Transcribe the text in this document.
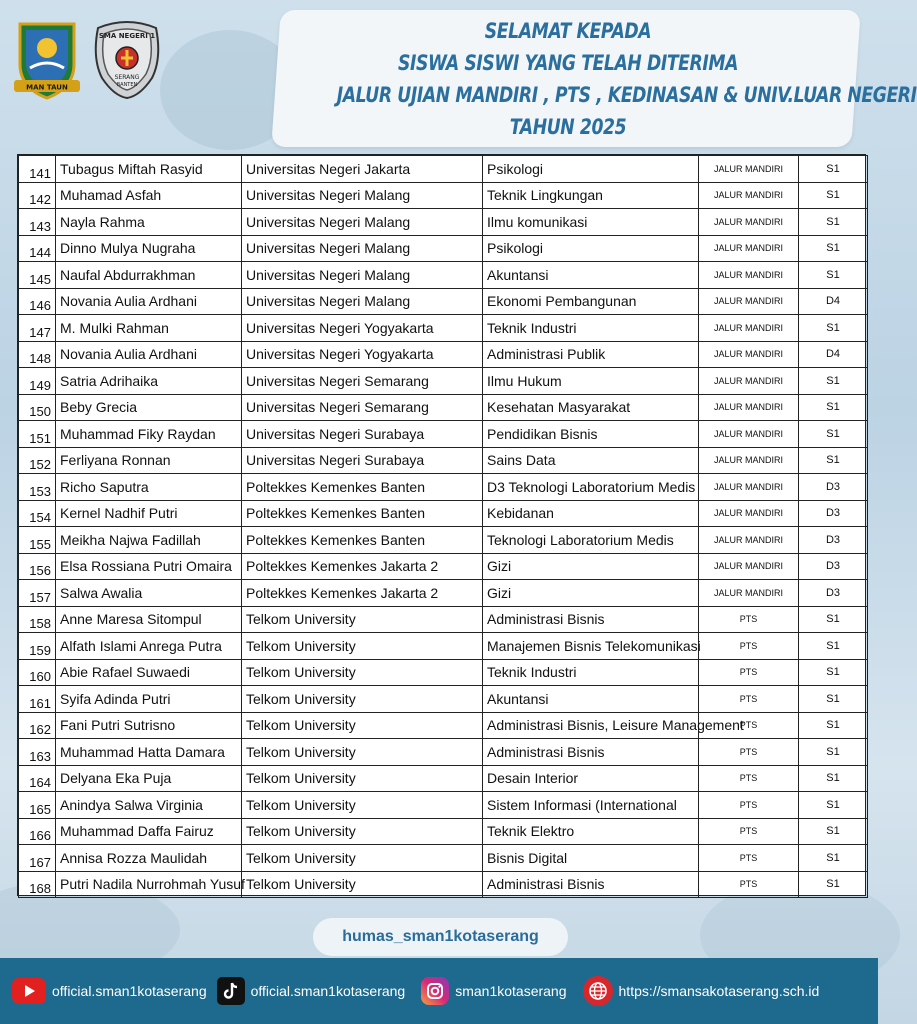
MAN TAUN
SMA NEGERI 1
SERANG
BANTEN
SELAMAT KEPADA
SISWA SISWI YANG TELAH DITERIMA
JALUR UJIAN MANDIRI , PTS , KEDINASAN & UNIV.LUAR NEGERI
TAHUN 2025
141	Tubagus Miftah Rasyid	Universitas Negeri Jakarta	Psikologi	JALUR MANDIRI	S1
142	Muhamad Asfah	Universitas Negeri Malang	Teknik Lingkungan	JALUR MANDIRI	S1
143	Nayla Rahma	Universitas Negeri Malang	Ilmu komunikasi	JALUR MANDIRI	S1
144	Dinno Mulya Nugraha	Universitas Negeri Malang	Psikologi	JALUR MANDIRI	S1
145	Naufal Abdurrakhman	Universitas Negeri Malang	Akuntansi	JALUR MANDIRI	S1
146	Novania Aulia Ardhani	Universitas Negeri Malang	Ekonomi Pembangunan	JALUR MANDIRI	D4
147	M. Mulki Rahman	Universitas Negeri Yogyakarta	Teknik Industri	JALUR MANDIRI	S1
148	Novania Aulia Ardhani	Universitas Negeri Yogyakarta	Administrasi Publik	JALUR MANDIRI	D4
149	Satria Adrihaika	Universitas Negeri Semarang	Ilmu Hukum	JALUR MANDIRI	S1
150	Beby Grecia	Universitas Negeri Semarang	Kesehatan Masyarakat	JALUR MANDIRI	S1
151	Muhammad Fiky Raydan	Universitas Negeri Surabaya	Pendidikan Bisnis	JALUR MANDIRI	S1
152	Ferliyana Ronnan	Universitas Negeri Surabaya	Sains Data	JALUR MANDIRI	S1
153	Richo Saputra	Poltekkes Kemenkes Banten	D3 Teknologi Laboratorium Medis	JALUR MANDIRI	D3
154	Kernel Nadhif Putri	Poltekkes Kemenkes Banten	Kebidanan	JALUR MANDIRI	D3
155	Meikha Najwa Fadillah	Poltekkes Kemenkes Banten	Teknologi Laboratorium Medis	JALUR MANDIRI	D3
156	Elsa Rossiana Putri Omaira	Poltekkes Kemenkes Jakarta 2	Gizi	JALUR MANDIRI	D3
157	Salwa Awalia	Poltekkes Kemenkes Jakarta 2	Gizi	JALUR MANDIRI	D3
158	Anne Maresa Sitompul	Telkom University	Administrasi Bisnis	PTS	S1
159	Alfath Islami Anrega Putra	Telkom University	Manajemen Bisnis Telekomunikasi	PTS	S1
160	Abie Rafael Suwaedi	Telkom University	Teknik Industri	PTS	S1
161	Syifa Adinda Putri	Telkom University	Akuntansi	PTS	S1
162	Fani Putri Sutrisno	Telkom University	Administrasi Bisnis, Leisure Management	PTS	S1
163	Muhammad Hatta Damara	Telkom University	Administrasi Bisnis	PTS	S1
164	Delyana Eka Puja	Telkom University	Desain Interior	PTS	S1
165	Anindya Salwa Virginia	Telkom University	Sistem Informasi (International	PTS	S1
166	Muhammad Daffa Fairuz	Telkom University	Teknik Elektro	PTS	S1
167	Annisa Rozza Maulidah	Telkom University	Bisnis Digital	PTS	S1
168	Putri Nadila Nurrohmah Yusuf	Telkom University	Administrasi Bisnis	PTS	S1
humas_sman1kotaserang
official.sman1kotaserang	official.sman1kotaserang	sman1kotaserang	https://smansakotaserang.sch.id
